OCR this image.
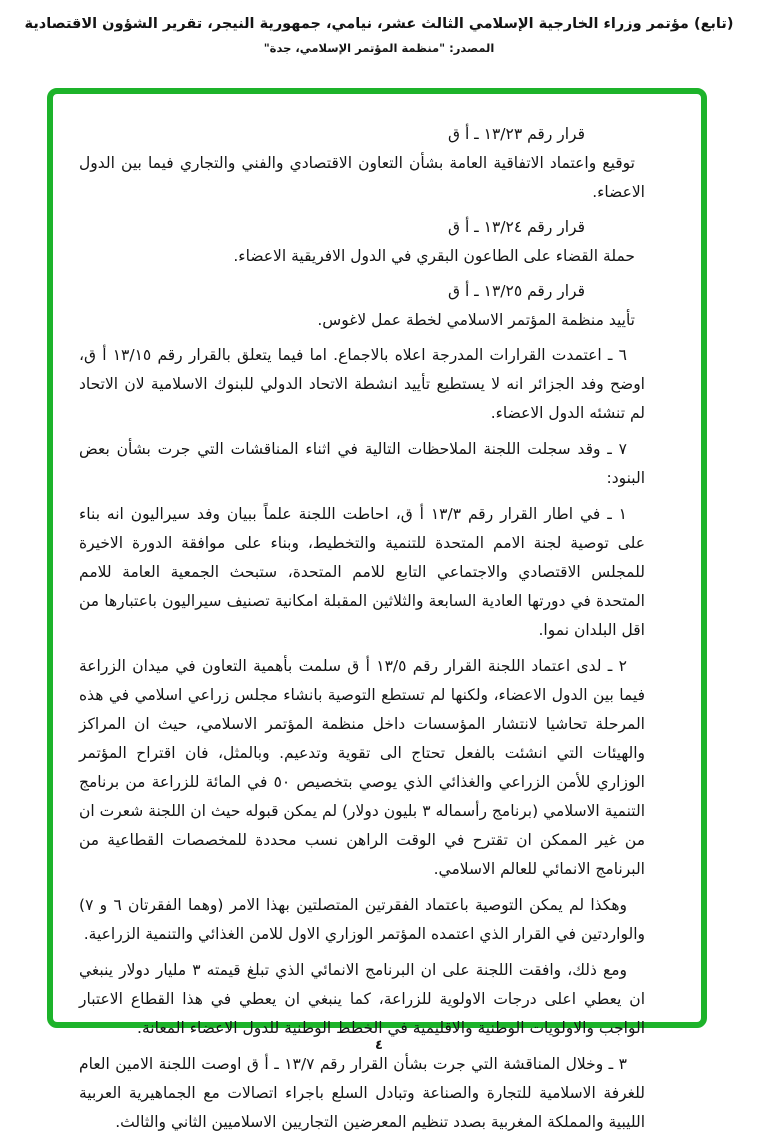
(تابع) مؤتمر وزراء الخارجية الإسلامي الثالث عشر، نيامي، جمهورية النيجر، تقرير الشؤون الاقتصادية
المصدر: "منظمة المؤتمر الإسلامي، جدة"

قرار رقم ١٣/٢٣ ـ أ ق

توقيع واعتماد الاتفاقية العامة بشأن التعاون الاقتصادي والفني والتجاري فيما بين الدول الاعضاء.

قرار رقم ١٣/٢٤ ـ أ ق

حملة القضاء على الطاعون البقري في الدول الافريقية الاعضاء.

قرار رقم ١٣/٢٥ ـ أ ق

تأييد منظمة المؤتمر الاسلامي لخطة عمل لاغوس.

٦ ـ اعتمدت القرارات المدرجة اعلاه بالاجماع. اما فيما يتعلق بالقرار رقم ١٣/١٥ أ ق، اوضح وفد الجزائر انه لا يستطيع تأييد انشطة الاتحاد الدولي للبنوك الاسلامية لان الاتحاد لم تنشئه الدول الاعضاء.

٧ ـ وقد سجلت اللجنة الملاحظات التالية في اثناء المناقشات التي جرت بشأن بعض البنود:

١ ـ في اطار القرار رقم ١٣/٣ أ ق، احاطت اللجنة علماً ببيان وفد سيراليون انه بناء على توصية لجنة الامم المتحدة للتنمية والتخطيط، وبناء على موافقة الدورة الاخيرة للمجلس الاقتصادي والاجتماعي التابع للامم المتحدة، ستبحث الجمعية العامة للامم المتحدة في دورتها العادية السابعة والثلاثين المقبلة امكانية تصنيف سيراليون باعتبارها من اقل البلدان نموا.

٢ ـ لدى اعتماد اللجنة القرار رقم ١٣/٥ أ ق سلمت بأهمية التعاون في ميدان الزراعة فيما بين الدول الاعضاء، ولكنها لم تستطع التوصية بانشاء مجلس زراعي اسلامي في هذه المرحلة تحاشيا لانتشار المؤسسات داخل منظمة المؤتمر الاسلامي، حيث ان المراكز والهيئات التي انشئت بالفعل تحتاج الى تقوية وتدعيم. وبالمثل، فان اقتراح المؤتمر الوزاري للأمن الزراعي والغذائي الذي يوصي بتخصيص ٥٠ في المائة للزراعة من برنامج التنمية الاسلامي (برنامج رأسماله ٣ بليون دولار) لم يمكن قبوله حيث ان اللجنة شعرت ان من غير الممكن ان تقترح في الوقت الراهن نسب محددة للمخصصات القطاعية من البرنامج الانمائي للعالم الاسلامي.

وهكذا لم يمكن التوصية باعتماد الفقرتين المتصلتين بهذا الامر (وهما الفقرتان ٦ و ٧) والواردتين في القرار الذي اعتمده المؤتمر الوزاري الاول للامن الغذائي والتنمية الزراعية.

ومع ذلك، وافقت اللجنة على ان البرنامج الانمائي الذي تبلغ قيمته ٣ مليار دولار ينبغي ان يعطي اعلى درجات الاولوية للزراعة، كما ينبغي ان يعطي في هذا القطاع الاعتبار الواجب والاولويات الوطنية والاقليمية في الخطط الوطنية للدول الاعضاء المعانة.

٣ ـ وخلال المناقشة التي جرت بشأن القرار رقم ١٣/٧ ـ أ ق اوصت اللجنة الامين العام للغرفة الاسلامية للتجارة والصناعة وتبادل السلع باجراء اتصالات مع الجماهيرية العربية الليبية والمملكة المغربية بصدد تنظيم المعرضين التجاريين الاسلاميين الثاني والثالث.

٤
